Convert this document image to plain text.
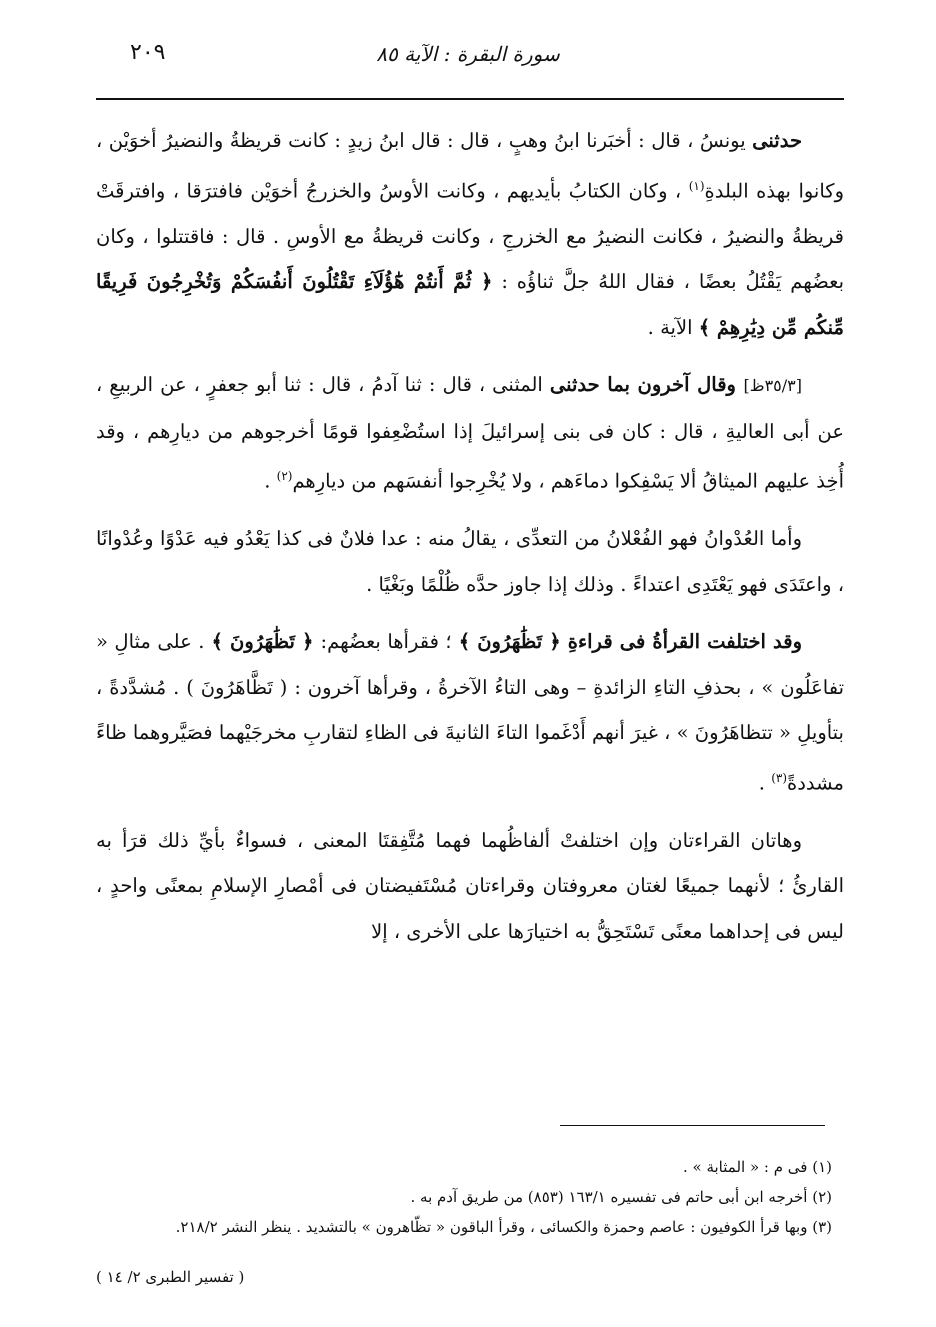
٢٠٩	سورة البقرة : الآية ٨٥

حدثنى يونسُ ، قال : أخبَرنا ابنُ وهبٍ ، قال : قال ابنُ زيدٍ : كانت قريظةُ والنضيرُ أخوَيْن ، وكانوا بهذه البلدةِ$^{(١)}$ ، وكان الكتابُ بأيديهم ، وكانت الأوسُ والخزرجُ أخوَيْن فافترَقا ، وافترقَتْ قريظةُ والنضيرُ ، فكانت النضيرُ مع الخزرجِ ، وكانت قريظةُ مع الأوسِ . قال : فاقتتلوا ، وكان بعضُهم يَقْتُلُ بعضًا ، فقال اللهُ جلَّ ثناؤُه : ﴿ ثُمَّ أَنتُمْ هَٰٓؤُلَآءِ تَقْتُلُونَ أَنفُسَكُمْ وَتُخْرِجُونَ فَرِيقًا مِّنكُم مِّن دِيَٰرِهِمْ ﴾ الآية .

[٣٥/٣ظ] وقال آخرون بما حدثنى المثنى ، قال : ثنا آدمُ ، قال : ثنا أبو جعفرٍ ، عن الربيعِ ، عن أبى العاليةِ ، قال : كان فى بنى إسرائيلَ إذا استُضْعِفوا قومًا أخرجوهم من ديارِهم ، وقد أُخِذ عليهم الميثاقُ ألا يَسْفِكوا دماءَهم ، ولا يُخْرِجوا أنفسَهم من ديارِهم$^{(٢)}$ .

وأما العُدْوانُ فهو الفُعْلانُ من التعدِّى ، يقالُ منه : عدا فلانٌ فى كذا يَعْدُو فيه عَدْوًا وعُدْوانًا ، واعتَدَى فهو يَعْتَدِى اعتداءً . وذلك إذا جاوز حدَّه ظُلْمًا وبَغْيًا .

وقد اختلفت القرأةُ فى قراءةِ ﴿ تَظَٰهَرُونَ ﴾ ؛ فقرأها بعضُهم: ﴿ تَظَٰهَرُونَ ﴾ . على مثالِ « تفاعَلُون » ، بحذفِ التاءِ الزائدةِ – وهى التاءُ الآخرةُ ، وقرأها آخرون : ( تَظَّاهَرُونَ ) . مُشدَّدةً ، بتأويلِ « تتظاهَرُونَ » ، غيرَ أنهم أَدْغَموا التاءَ الثانيةَ فى الظاءِ لتقاربِ مخرجَيْهما فصَيَّروهما ظاءً مشددةً$^{(٣)}$ .

وهاتان القراءتان وإن اختلفتْ ألفاظُهما فهما مُتَّفِقتَا المعنى ، فسواءٌ بأيِّ ذلك قرَأ به القارئُ ؛ لأنهما جميعًا لغتان معروفتان وقراءتان مُسْتَفيضتان فى أمْصارِ الإسلامِ بمعنًى واحدٍ ، ليس فى إحداهما معنًى تَسْتَحِقُّ به اختيارَها على الأخرى ، إلا

(١) فى م : « المثابة » .

(٢) أخرجه ابن أبى حاتم فى تفسيره ١٦٣/١ (٨٥٣) من طريق آدم به .

(٣) وبها قرأ الكوفيون : عاصم وحمزة والكسائى ، وقرأ الباقون « تظّاهرون » بالتشديد . ينظر النشر ٢١٨/٢.

( تفسير الطبرى ٢/ ١٤ )
